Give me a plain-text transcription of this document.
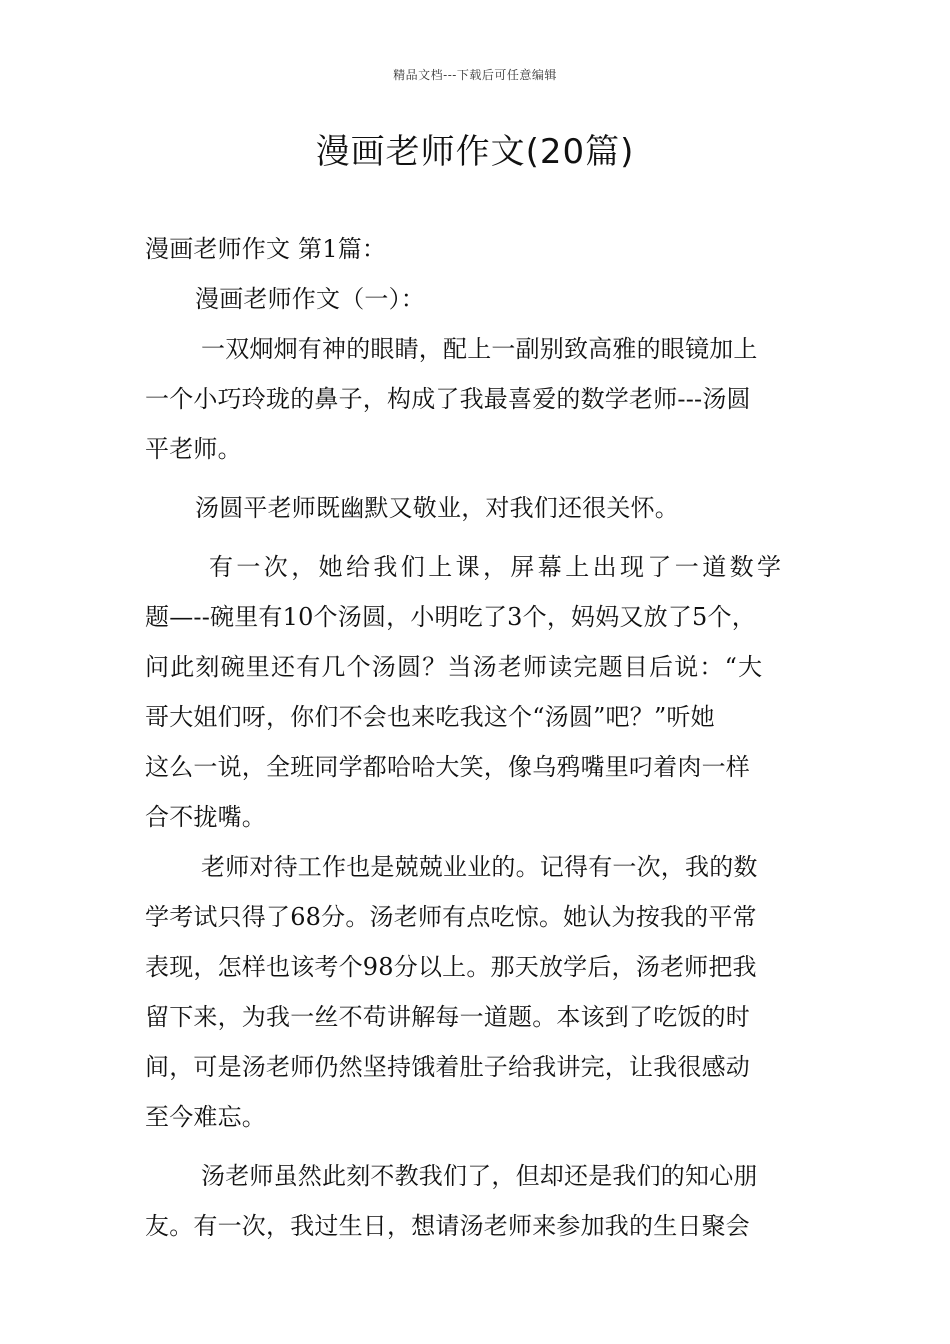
精品文档---下载后可任意编辑
漫画老师作文(20篇)
漫画老师作文 第1篇：
漫画老师作文（一）：
一双炯炯有神的眼睛，配上一副别致高雅的眼镜加上
一个小巧玲珑的鼻子，构成了我最喜爱的数学老师---汤圆
平老师。
汤圆平老师既幽默又敬业，对我们还很关怀。
有一次，她给我们上课，屏幕上出现了一道数学
题—--碗里有10个汤圆，小明吃了3个，妈妈又放了5个，
问此刻碗里还有几个汤圆？当汤老师读完题目后说：“大
哥大姐们呀，你们不会也来吃我这个“汤圆”吧？”听她
这么一说，全班同学都哈哈大笑，像乌鸦嘴里叼着肉一样
合不拢嘴。
老师对待工作也是兢兢业业的。记得有一次，我的数
学考试只得了68分。汤老师有点吃惊。她认为按我的平常
表现，怎样也该考个98分以上。那天放学后，汤老师把我
留下来，为我一丝不苟讲解每一道题。本该到了吃饭的时
间，可是汤老师仍然坚持饿着肚子给我讲完，让我很感动
至今难忘。
汤老师虽然此刻不教我们了，但却还是我们的知心朋
友。有一次，我过生日，想请汤老师来参加我的生日聚会
